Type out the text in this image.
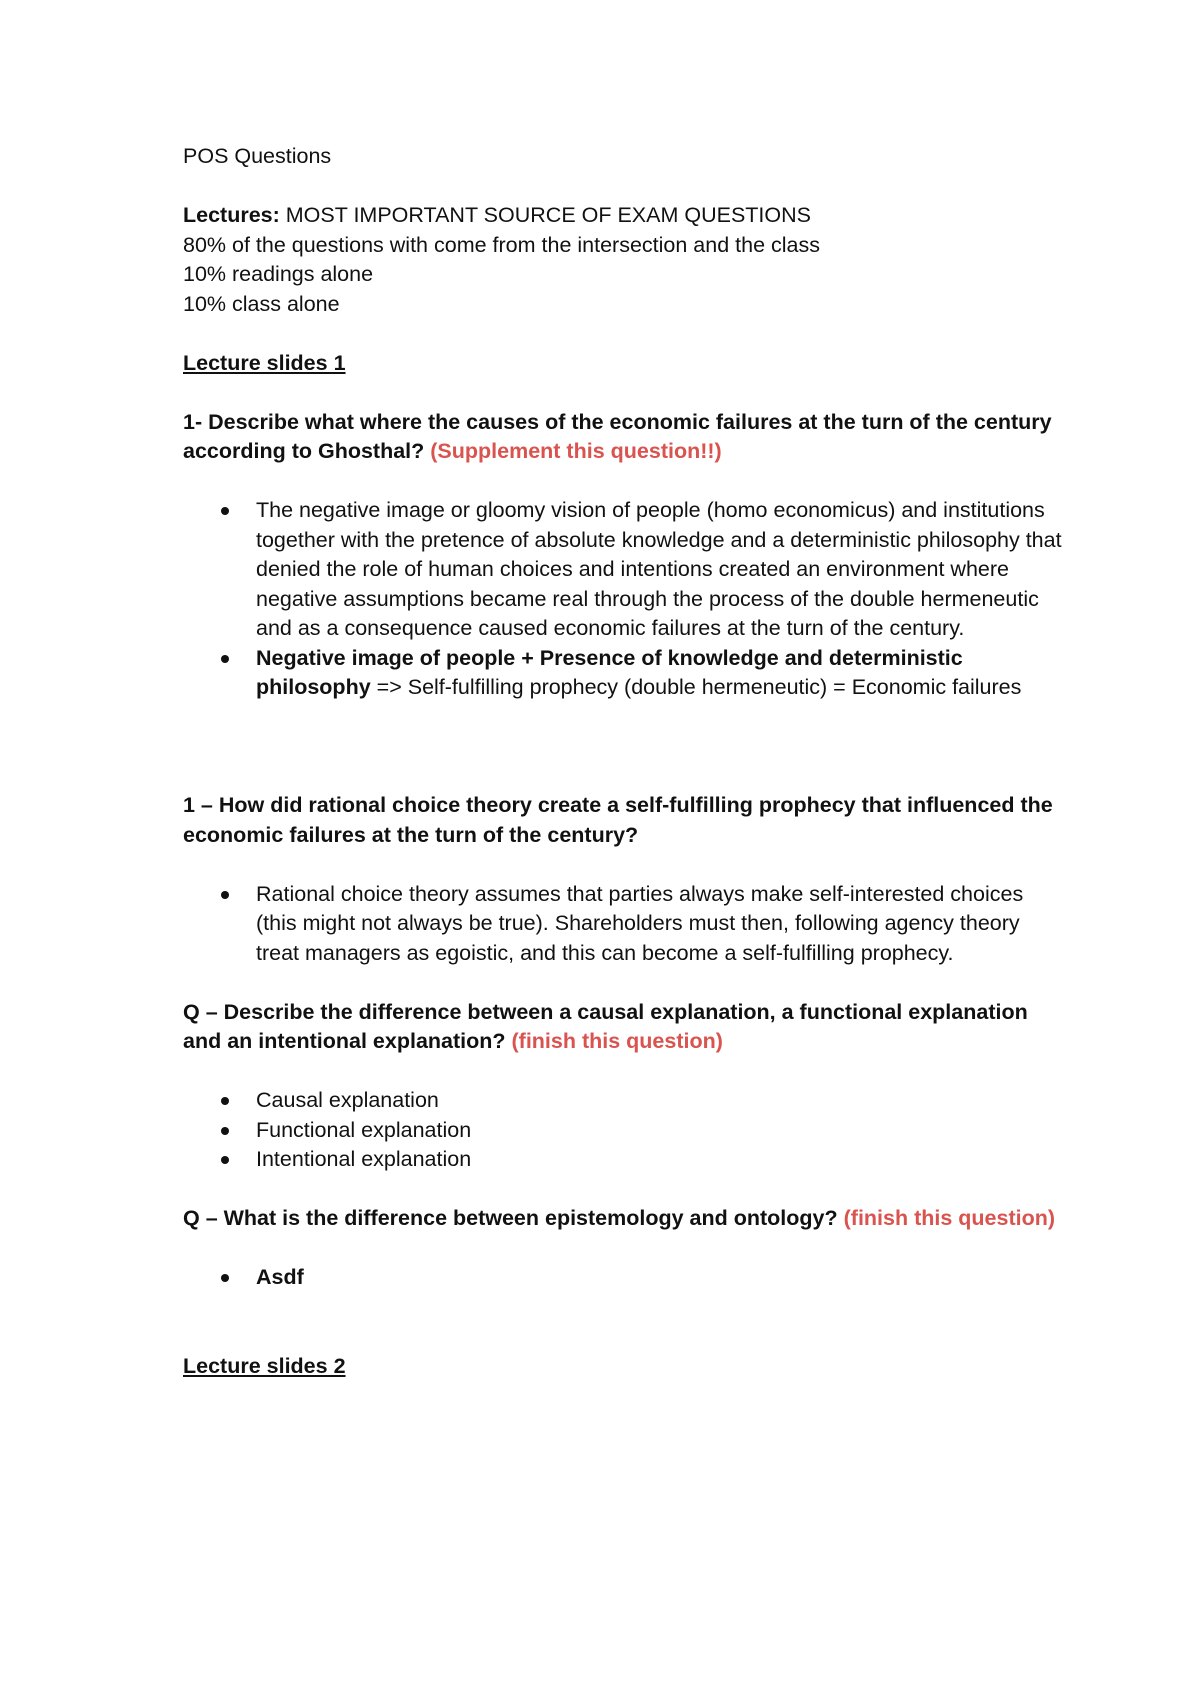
POS Questions

Lectures: MOST IMPORTANT SOURCE OF EXAM QUESTIONS

80% of the questions with come from the intersection and the class

10% readings alone

10% class alone

Lecture slides 1

1- Describe what where the causes of the economic failures at the turn of the century according to Ghosthal? (Supplement this question!!)

The negative image or gloomy vision of people (homo economicus) and institutions together with the pretence of absolute knowledge and a deterministic philosophy that denied the role of human choices and intentions created an environment where negative assumptions became real through the process of the double hermeneutic and as a consequence caused economic failures at the turn of the century.
Negative image of people + Presence of knowledge and deterministic philosophy => Self-fulfilling prophecy (double hermeneutic) = Economic failures

1 – How did rational choice theory create a self-fulfilling prophecy that influenced the economic failures at the turn of the century?

Rational choice theory assumes that parties always make self-interested choices (this might not always be true). Shareholders must then, following agency theory treat managers as egoistic, and this can become a self-fulfilling prophecy.

Q – Describe the difference between a causal explanation, a functional explanation and an intentional explanation? (finish this question)

Causal explanation
Functional explanation
Intentional explanation

Q – What is the difference between epistemology and ontology? (finish this question)

Asdf

Lecture slides 2
